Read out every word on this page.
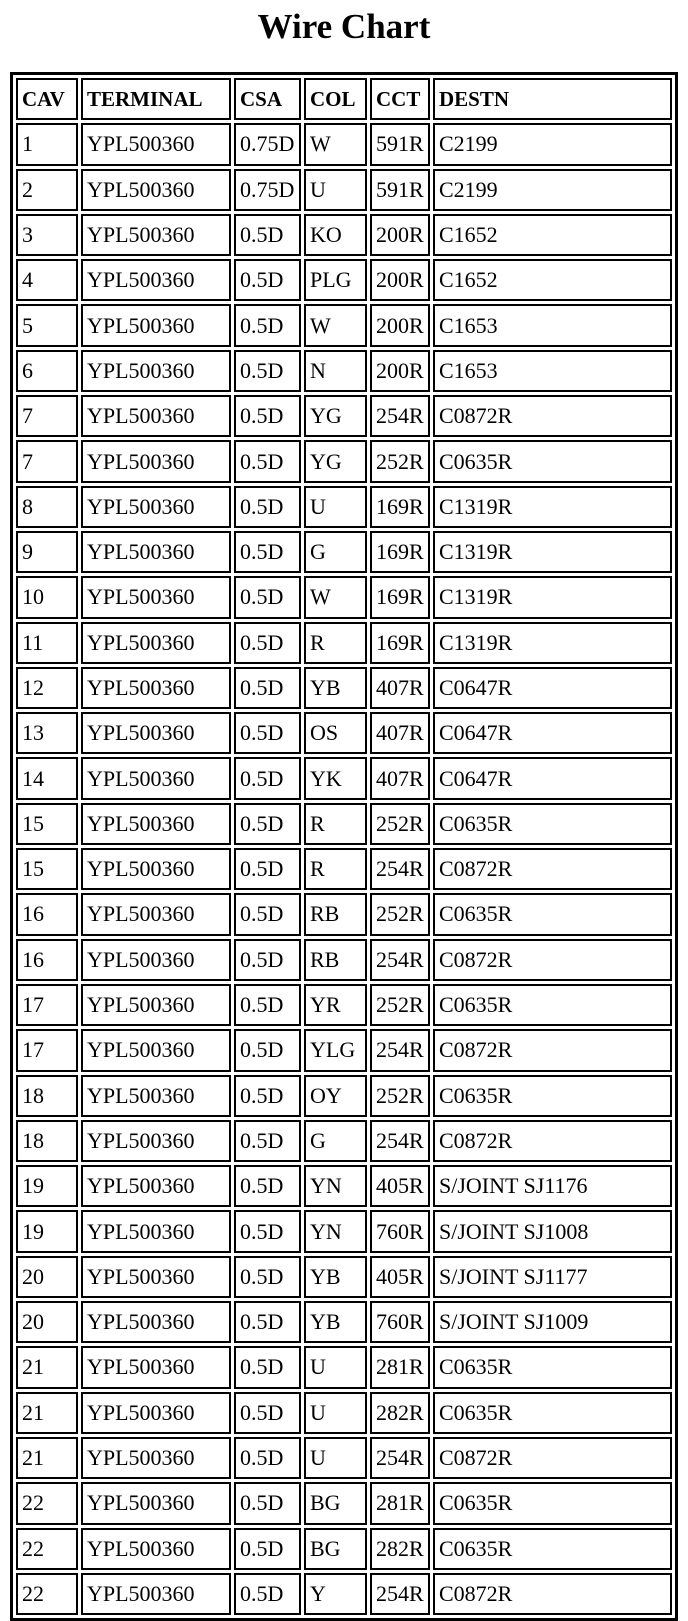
Wire Chart
CAV	TERMINAL	CSA	COL	CCT	DESTN
1	YPL500360	0.75D	W	591R	C2199
2	YPL500360	0.75D	U	591R	C2199
3	YPL500360	0.5D	KO	200R	C1652
4	YPL500360	0.5D	PLG	200R	C1652
5	YPL500360	0.5D	W	200R	C1653
6	YPL500360	0.5D	N	200R	C1653
7	YPL500360	0.5D	YG	254R	C0872R
7	YPL500360	0.5D	YG	252R	C0635R
8	YPL500360	0.5D	U	169R	C1319R
9	YPL500360	0.5D	G	169R	C1319R
10	YPL500360	0.5D	W	169R	C1319R
11	YPL500360	0.5D	R	169R	C1319R
12	YPL500360	0.5D	YB	407R	C0647R
13	YPL500360	0.5D	OS	407R	C0647R
14	YPL500360	0.5D	YK	407R	C0647R
15	YPL500360	0.5D	R	252R	C0635R
15	YPL500360	0.5D	R	254R	C0872R
16	YPL500360	0.5D	RB	252R	C0635R
16	YPL500360	0.5D	RB	254R	C0872R
17	YPL500360	0.5D	YR	252R	C0635R
17	YPL500360	0.5D	YLG	254R	C0872R
18	YPL500360	0.5D	OY	252R	C0635R
18	YPL500360	0.5D	G	254R	C0872R
19	YPL500360	0.5D	YN	405R	S/JOINT SJ1176
19	YPL500360	0.5D	YN	760R	S/JOINT SJ1008
20	YPL500360	0.5D	YB	405R	S/JOINT SJ1177
20	YPL500360	0.5D	YB	760R	S/JOINT SJ1009
21	YPL500360	0.5D	U	281R	C0635R
21	YPL500360	0.5D	U	282R	C0635R
21	YPL500360	0.5D	U	254R	C0872R
22	YPL500360	0.5D	BG	281R	C0635R
22	YPL500360	0.5D	BG	282R	C0635R
22	YPL500360	0.5D	Y	254R	C0872R
